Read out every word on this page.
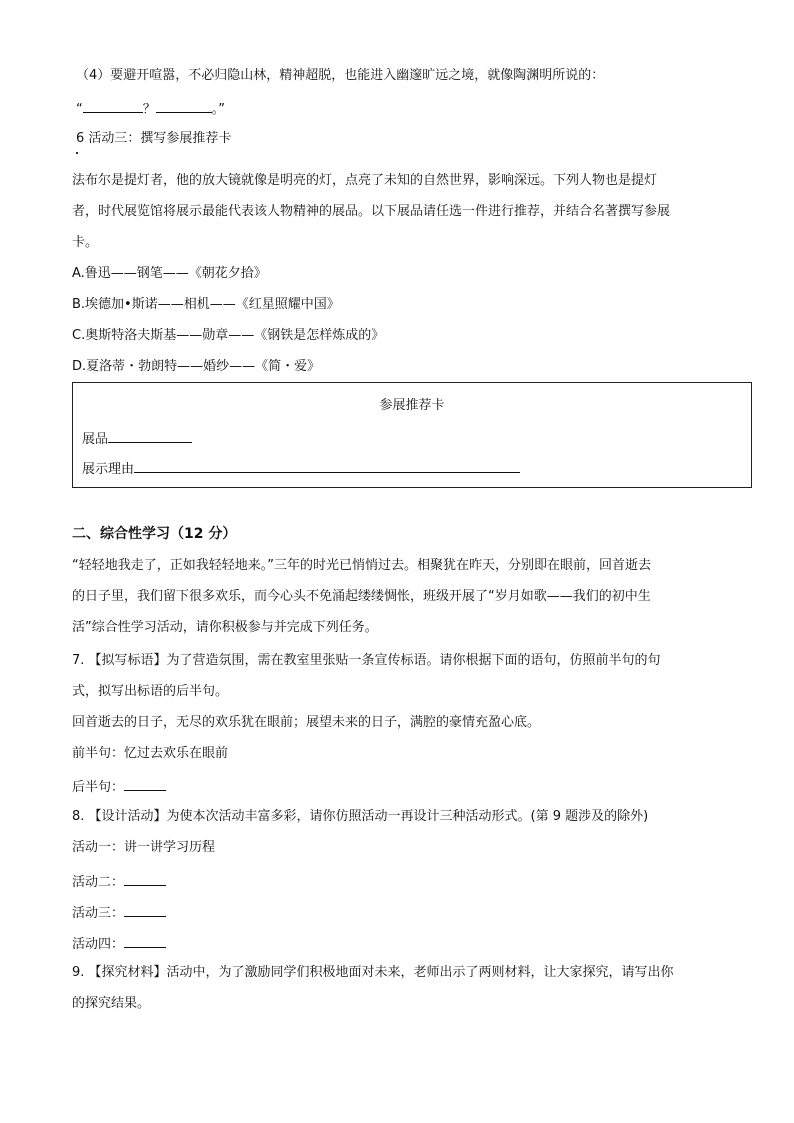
（4）要避开喧嚣，不必归隐山林，精神超脱，也能进入幽邃旷远之境，就像陶渊明所说的：
“	？	。”
6 活动三：撰写参展推荐卡
法布尔是提灯者，他的放大镜就像是明亮的灯，点亮了未知的自然世界，影响深远。下列人物也是提灯
者，时代展览馆将展示最能代表该人物精神的展品。以下展品请任选一件进行推荐，并结合名著撰写参展
卡。
A.鲁迅——钢笔——《朝花夕拾》
B.埃德加•斯诺——相机——《红星照耀中国》
C.奥斯特洛夫斯基——勋章——《钢铁是怎样炼成的》
D.夏洛蒂・勃朗特——婚纱——《简・爱》
参展推荐卡
展品
展示理由
二、综合性学习（12 分）
“轻轻地我走了，正如我轻轻地来。”三年的时光已悄悄过去。相聚犹在昨天，分别即在眼前，回首逝去
的日子里，我们留下很多欢乐，而今心头不免涌起缕缕惆怅，班级开展了“岁月如歌——我们的初中生
活”综合性学习活动，请你积极参与并完成下列任务。
7. 【拟写标语】为了营造氛围，需在教室里张贴一条宣传标语。请你根据下面的语句，仿照前半句的句
式，拟写出标语的后半句。
回首逝去的日子，无尽的欢乐犹在眼前；展望未来的日子，满腔的豪情充盈心底。
前半句：忆过去欢乐在眼前
后半句：
8. 【设计活动】为使本次活动丰富多彩，请你仿照活动一再设计三种活动形式。(第 9 题涉及的除外)
活动一：讲一讲学习历程
活动二：
活动三：
活动四：
9. 【探究材料】活动中，为了激励同学们积极地面对未来，老师出示了两则材料，让大家探究，请写出你
的探究结果。
